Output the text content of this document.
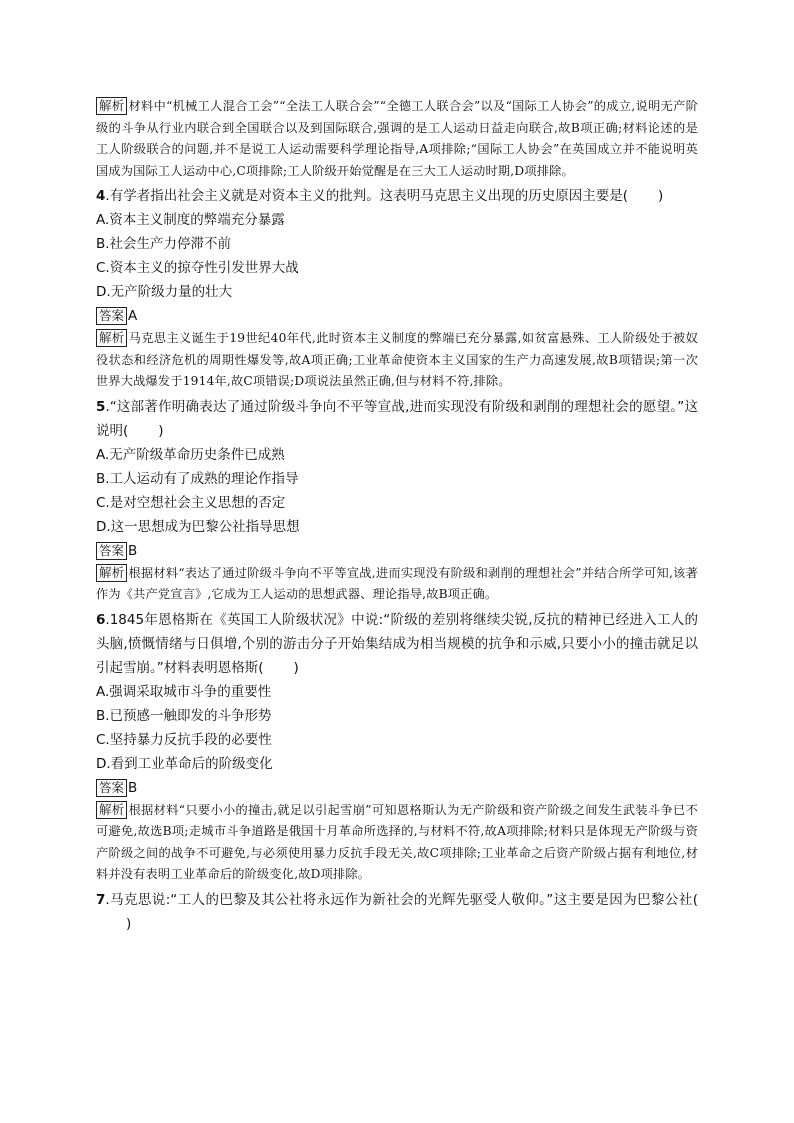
解析 材料中“机械工人混合工会”“全法工人联合会”“全德工人联合会”以及“国际工人协会”的成立,说明无产阶级的斗争从行业内联合到全国联合以及到国际联合,强调的是工人运动日益走向联合,故B项正确;材料论述的是工人阶级联合的问题,并不是说工人运动需要科学理论指导,A项排除;“国际工人协会”在英国成立并不能说明英国成为国际工人运动中心,C项排除;工人阶级开始觉醒是在三大工人运动时期,D项排除。

4.有学者指出社会主义就是对资本主义的批判。这表明马克思主义出现的历史原因主要是( )

A.资本主义制度的弊端充分暴露

B.社会生产力停滞不前

C.资本主义的掠夺性引发世界大战

D.无产阶级力量的壮大

答案 A

解析 马克思主义诞生于19世纪40年代,此时资本主义制度的弊端已充分暴露,如贫富悬殊、工人阶级处于被奴役状态和经济危机的周期性爆发等,故A项正确;工业革命使资本主义国家的生产力高速发展,故B项错误;第一次世界大战爆发于1914年,故C项错误;D项说法虽然正确,但与材料不符,排除。

5.“这部著作明确表达了通过阶级斗争向不平等宣战,进而实现没有阶级和剥削的理想社会的愿望。”这说明( )

A.无产阶级革命历史条件已成熟

B.工人运动有了成熟的理论作指导

C.是对空想社会主义思想的否定

D.这一思想成为巴黎公社指导思想

答案 B

解析 根据材料“表达了通过阶级斗争向不平等宣战,进而实现没有阶级和剥削的理想社会”并结合所学可知,该著作为《共产党宣言》,它成为工人运动的思想武器、理论指导,故B项正确。

6.1845年恩格斯在《英国工人阶级状况》中说:“阶级的差别将继续尖锐,反抗的精神已经进入工人的头脑,愤慨情绪与日俱增,个别的游击分子开始集结成为相当规模的抗争和示威,只要小小的撞击就足以引起雪崩。”材料表明恩格斯( )

A.强调采取城市斗争的重要性

B.已预感一触即发的斗争形势

C.坚持暴力反抗手段的必要性

D.看到工业革命后的阶级变化

答案 B

解析 根据材料“只要小小的撞击,就足以引起雪崩”可知恩格斯认为无产阶级和资产阶级之间发生武装斗争已不可避免,故选B项;走城市斗争道路是俄国十月革命所选择的,与材料不符,故A项排除;材料只是体现无产阶级与资产阶级之间的战争不可避免,与必须使用暴力反抗手段无关,故C项排除;工业革命之后资产阶级占据有利地位,材料并没有表明工业革命后的阶级变化,故D项排除。

7.马克思说:“工人的巴黎及其公社将永远作为新社会的光辉先驱受人敬仰。”这主要是因为巴黎公社()
